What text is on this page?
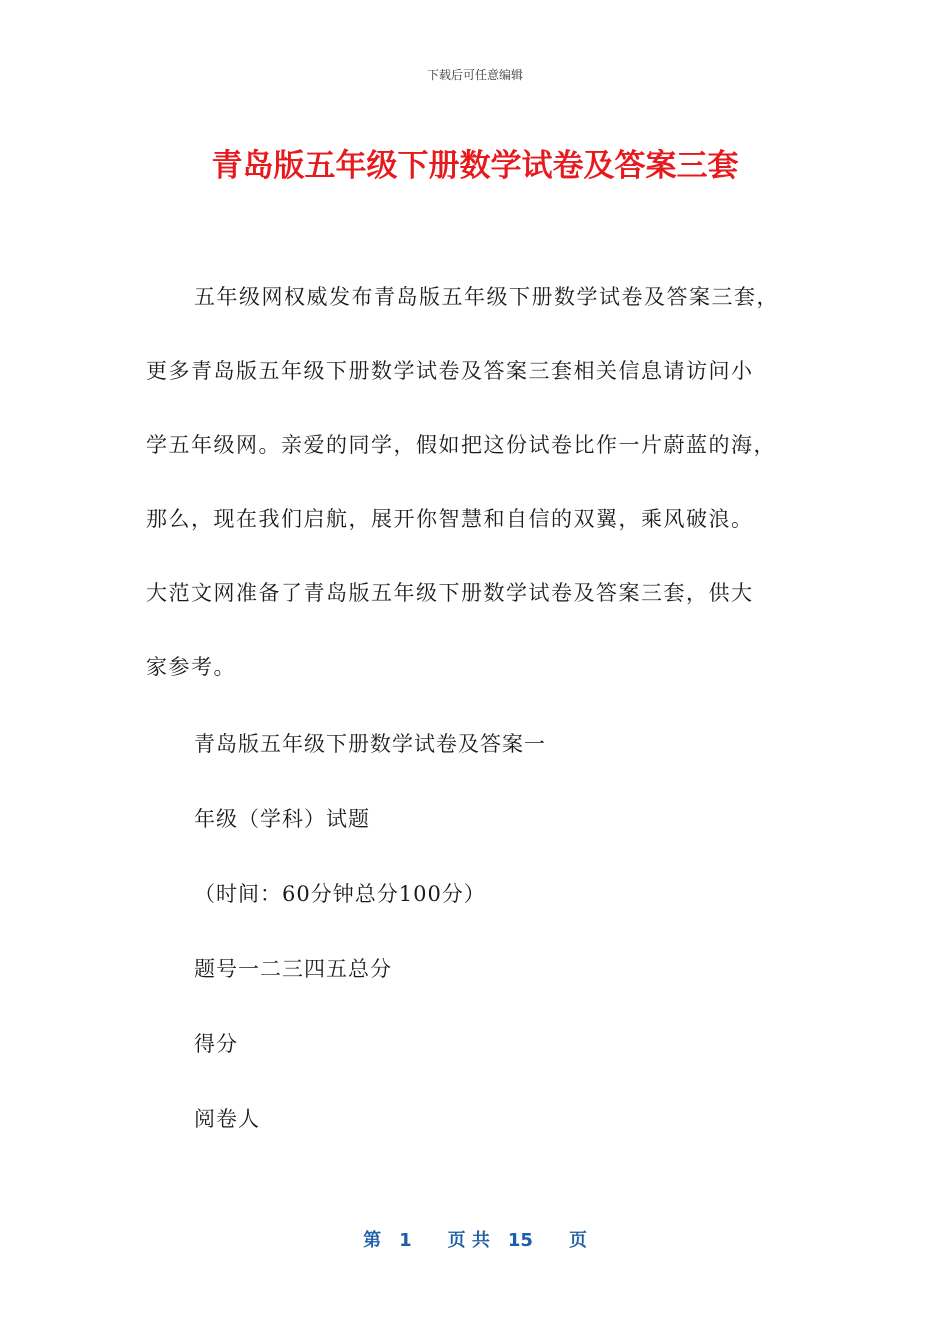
下载后可任意编辑
青岛版五年级下册数学试卷及答案三套
五年级网权威发布青岛版五年级下册数学试卷及答案三套，
更多青岛版五年级下册数学试卷及答案三套相关信息请访问小
学五年级网。亲爱的同学，假如把这份试卷比作一片蔚蓝的海，
那么，现在我们启航，展开你智慧和自信的双翼，乘风破浪。
大范文网准备了青岛版五年级下册数学试卷及答案三套，供大
家参考。
青岛版五年级下册数学试卷及答案一
年级（学科）试题
（时间：60分钟总分100分）
题号一二三四五总分
得分
阅卷人
第 1 页 共 15 页
